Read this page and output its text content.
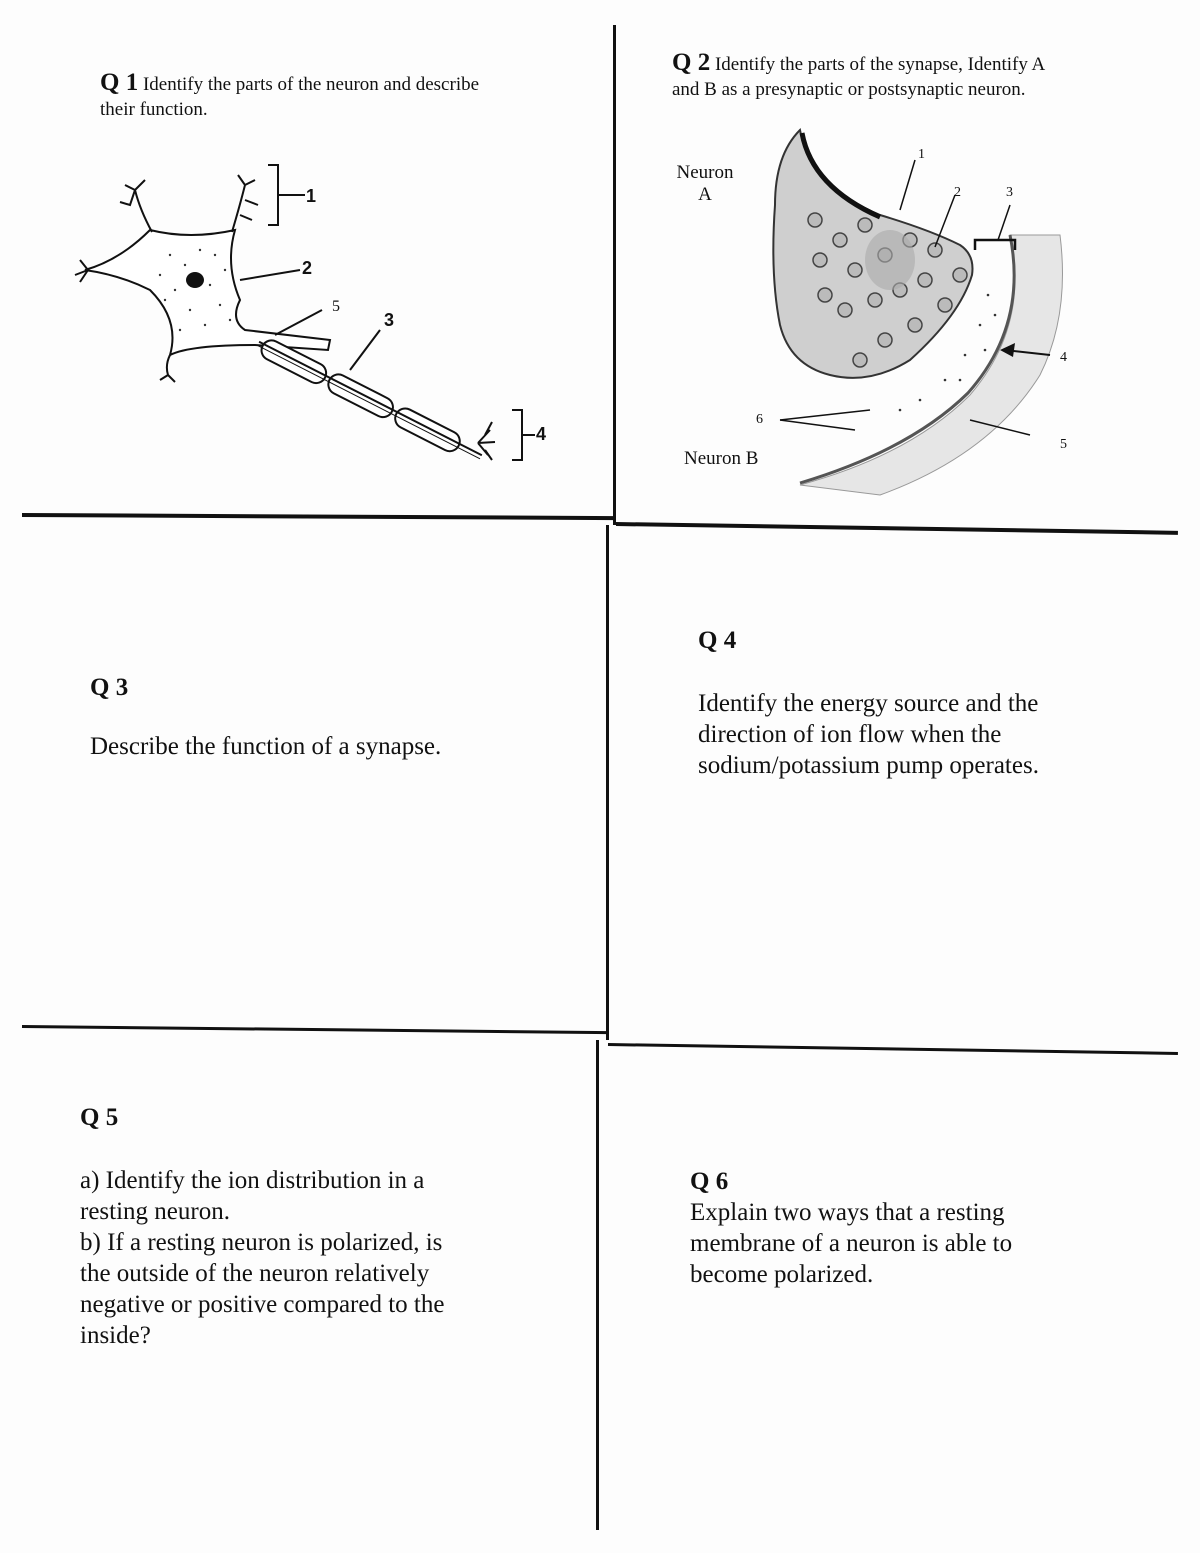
Q 1 Identify the parts of the neuron and describe their function.
1
2
3
4
5

Q 2 Identify the parts of the synapse, Identify A

and B as a presynaptic or postsynaptic neuron.

Neuron

A

Neuron B
1
2	3
4
5
6

Q 3

Describe the function of a synapse.

Q 4

Identify the energy source and the

direction of ion flow when the

sodium/potassium pump operates.

Q 5

a) Identify the ion distribution in a

resting neuron.

b) If a resting neuron is polarized, is

the outside of the neuron relatively

negative or positive compared to the

inside?

Q 6

Explain two ways that a resting

membrane of a neuron is able to

become polarized.
